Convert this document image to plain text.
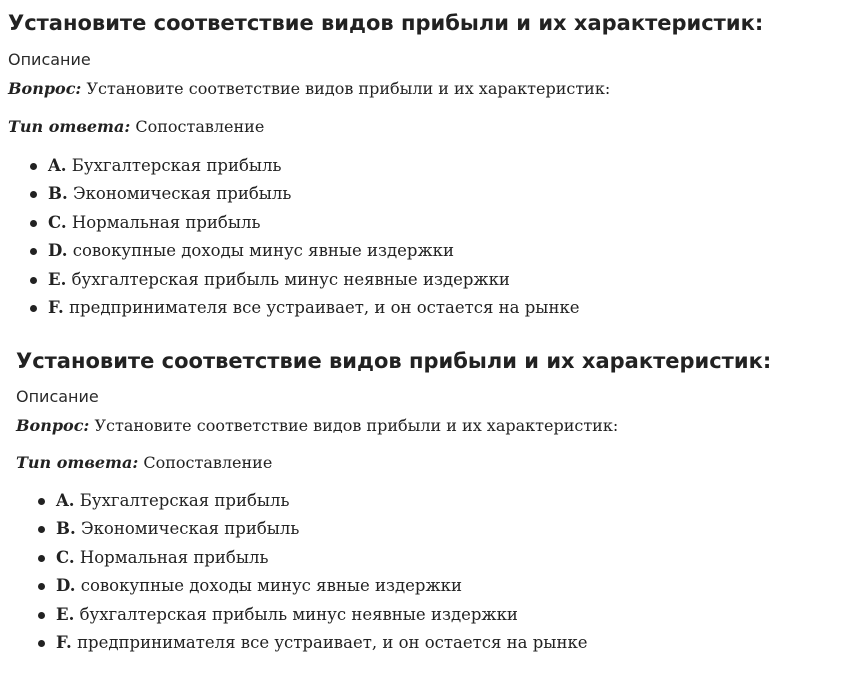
Установите соответствие видов прибыли и их характеристик:
Описание
Вопрос: Установите соответствие видов прибыли и их характеристик:
Тип ответа: Сопоставление
A. Бухгалтерская прибыль
B. Экономическая прибыль
C. Нормальная прибыль
D. совокупные доходы минус явные издержки
E. бухгалтерская прибыль минус неявные издержки
F. предпринимателя все устраивает, и он остается на рынке
Установите соответствие видов прибыли и их характеристик:
Описание
Вопрос: Установите соответствие видов прибыли и их характеристик:
Тип ответа: Сопоставление
A. Бухгалтерская прибыль
B. Экономическая прибыль
C. Нормальная прибыль
D. совокупные доходы минус явные издержки
E. бухгалтерская прибыль минус неявные издержки
F. предпринимателя все устраивает, и он остается на рынке
